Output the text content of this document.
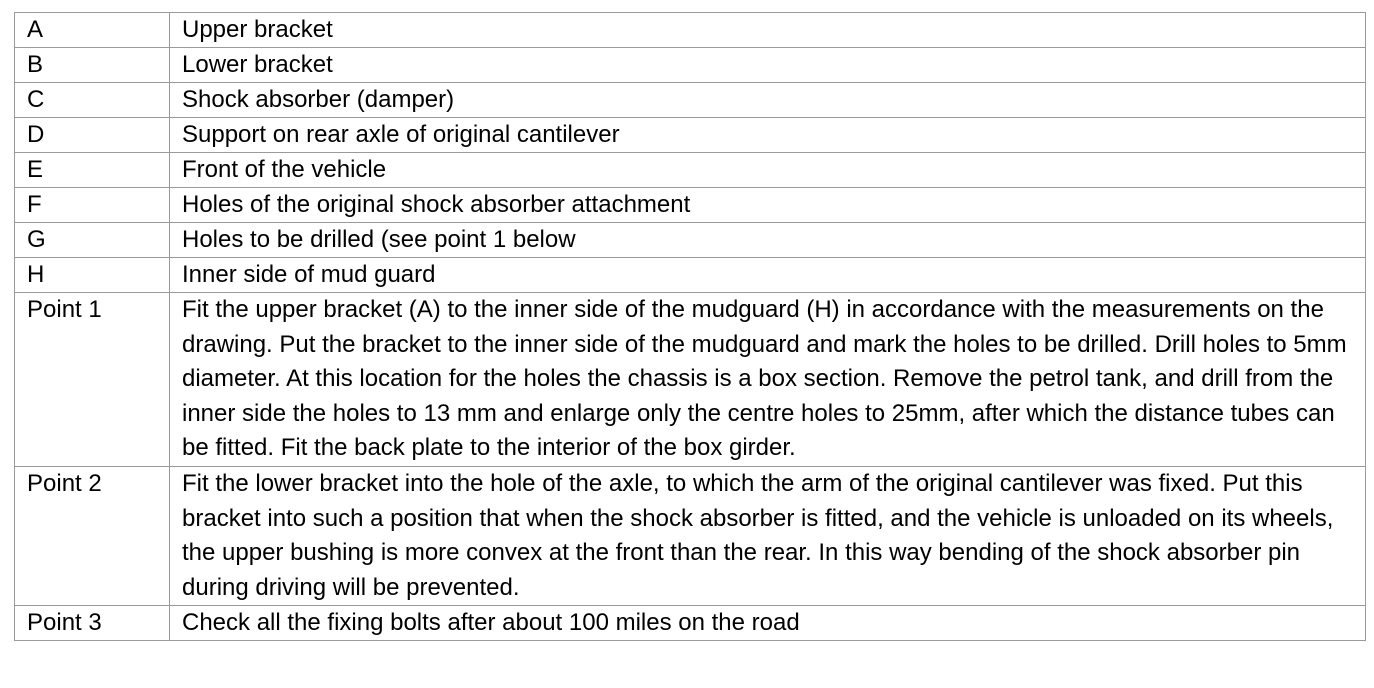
A	Upper bracket

B	Lower bracket

C	Shock absorber (damper)

D	Support on rear axle of original cantilever

E	Front of the vehicle

F	Holes of the original shock absorber attachment

G	Holes to be drilled (see point 1 below

H	Inner side of mud guard

Point 1	Fit the upper bracket (A) to the inner side of the mudguard (H) in accordance with the measurements on the drawing. Put the bracket to the inner side of the mudguard and mark the holes to be drilled. Drill holes to 5mm diameter. At this location for the holes the chassis is a box section. Remove the petrol tank, and drill from the inner side the holes to 13 mm and enlarge only the centre holes to 25mm, after which the distance tubes can be fitted. Fit the back plate to the interior of the box girder.
Point 2	Fit the lower bracket into the hole of the axle, to which the arm of the original cantilever was fixed. Put this bracket into such a position that when the shock absorber is fitted, and the vehicle is unloaded on its wheels, the upper bushing is more convex at the front than the rear. In this way bending of the shock absorber pin during driving will be prevented.
Point 3	Check all the fixing bolts after about 100 miles on the road
